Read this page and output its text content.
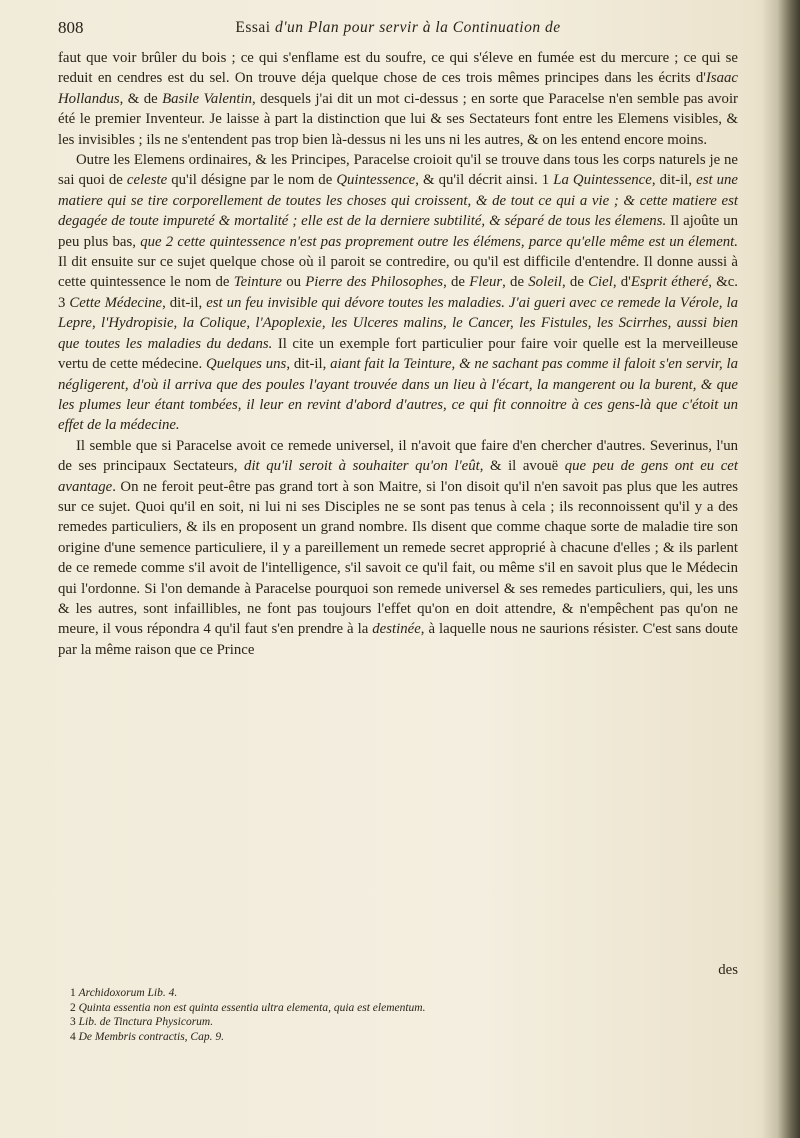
808	Essai d'un Plan pour servir à la Continuation de

faut que voir brûler du bois ; ce qui s'enflame est du soufre, ce qui s'éleve en fumée est du mercure ; ce qui se reduit en cendres est du sel. On trouve déja quelque chose de ces trois mêmes principes dans les écrits d'Isaac Hollandus, & de Basile Valentin, desquels j'ai dit un mot ci-dessus ; en sorte que Paracelse n'en semble pas avoir été le premier Inventeur. Je laisse à part la distinction que lui & ses Sectateurs font entre les Elemens visibles, & les invisibles ; ils ne s'entendent pas trop bien là-dessus ni les uns ni les autres, & on les entend encore moins.

Outre les Elemens ordinaires, & les Principes, Paracelse croioit qu'il se trouve dans tous les corps naturels je ne sai quoi de celeste qu'il désigne par le nom de Quintessence, & qu'il décrit ainsi. 1 La Quintessence, dit-il, est une matiere qui se tire corporellement de toutes les choses qui croissent, & de tout ce qui a vie ; & cette matiere est degagée de toute impureté & mortalité ; elle est de la derniere subtilité, & séparé de tous les élemens. Il ajoûte un peu plus bas, que 2 cette quintessence n'est pas proprement outre les élémens, parce qu'elle même est un élement. Il dit ensuite sur ce sujet quelque chose où il paroit se contredire, ou qu'il est difficile d'entendre. Il donne aussi à cette quintessence le nom de Teinture ou Pierre des Philosophes, de Fleur, de Soleil, de Ciel, d'Esprit étheré, &c. 3 Cette Médecine, dit-il, est un feu invisible qui dévore toutes les maladies. J'ai gueri avec ce remede la Vérole, la Lepre, l'Hydropisie, la Colique, l'Apoplexie, les Ulceres malins, le Cancer, les Fistules, les Scirrhes, aussi bien que toutes les maladies du dedans. Il cite un exemple fort particulier pour faire voir quelle est la merveilleuse vertu de cette médecine. Quelques uns, dit-il, aiant fait la Teinture, & ne sachant pas comme il faloit s'en servir, la négligerent, d'où il arriva que des poules l'ayant trouvée dans un lieu à l'écart, la mangerent ou la burent, & que les plumes leur étant tombées, il leur en revint d'abord d'autres, ce qui fit connoitre à ces gens-là que c'étoit un effet de la médecine.

Il semble que si Paracelse avoit ce remede universel, il n'avoit que faire d'en chercher d'autres. Severinus, l'un de ses principaux Sectateurs, dit qu'il seroit à souhaiter qu'on l'eût, & il avouë que peu de gens ont eu cet avantage. On ne feroit peut-être pas grand tort à son Maitre, si l'on disoit qu'il n'en savoit pas plus que les autres sur ce sujet. Quoi qu'il en soit, ni lui ni ses Disciples ne se sont pas tenus à cela ; ils reconnoissent qu'il y a des remedes particuliers, & ils en proposent un grand nombre. Ils disent que comme chaque sorte de maladie tire son origine d'une semence particuliere, il y a pareillement un remede secret approprié à chacune d'elles ; & ils parlent de ce remede comme s'il avoit de l'intelligence, s'il savoit ce qu'il fait, ou même s'il en savoit plus que le Médecin qui l'ordonne. Si l'on demande à Paracelse pourquoi son remede universel & ses remedes particuliers, qui, les uns & les autres, sont infaillibles, ne font pas toujours l'effet qu'on en doit attendre, & n'empêchent pas qu'on ne meure, il vous répondra 4 qu'il faut s'en prendre à la destinée, à laquelle nous ne saurions résister. C'est sans doute par la même raison que ce Prince

des
1 Archidoxorum Lib. 4.
2 Quinta essentia non est quinta essentia ultra elementa, quia est elementum.
3 Lib. de Tinctura Physicorum.
4 De Membris contractis, Cap. 9.
